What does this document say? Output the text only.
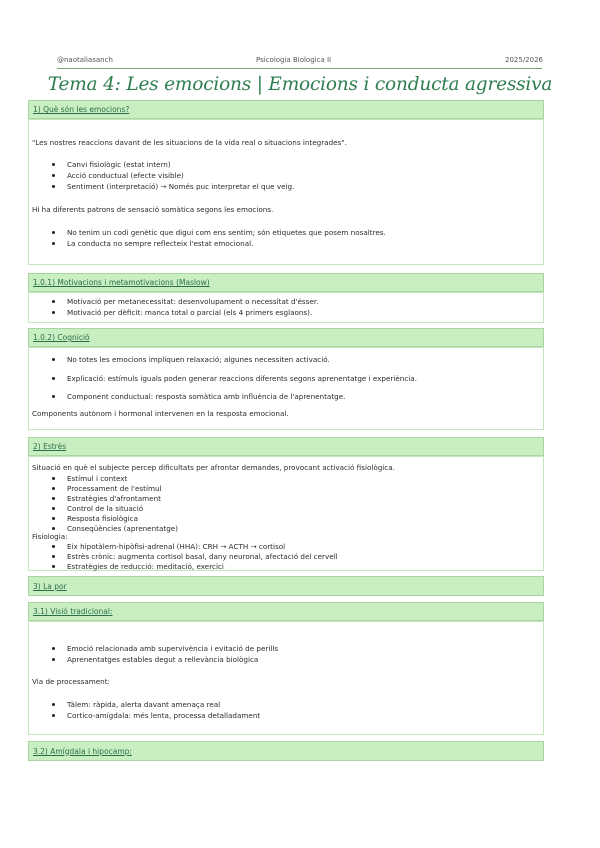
@naotaliasanch	Psicologia Biologica II	2025/2026
Tema 4: Les emocions | Emocions i conducta agressiva
1) Què són les emocions?
"Les nostres reaccions davant de les situacions de la vida real o situacions integrades".
Canvi fisiològic (estat intern)
Acció conductual (efecte visible)
Sentiment (interpretació) → Només puc interpretar el que veig.
Hi ha diferents patrons de sensació somàtica segons les emocions.
No tenim un codi genètic que digui com ens sentim; són etiquetes que posem nosaltres.
La conducta no sempre reflecteix l'estat emocional.
1.0.1) Motivacions i metamotivacions (Maslow)
Motivació per metanecessitat: desenvolupament o necessitat d'ésser.
Motivació per dèficit: manca total o parcial (els 4 primers esglaons).
1.0.2) Cognició
No totes les emocions impliquen relaxació; algunes necessiten activació.
Explicació: estímuls iguals poden generar reaccions diferents segons aprenentatge i experiència.
Component conductual: resposta somàtica amb influència de l'aprenentatge.
Components autònom i hormonal intervenen en la resposta emocional.
2) Estrès
Situació en què el subjecte percep dificultats per afrontar demandes, provocant activació fisiològica.
Estímul i context
Processament de l'estímul
Estratègies d'afrontament
Control de la situació
Resposta fisiològica
Conseqüències (aprenentatge)
Fisiologia:
Eix hipotàlem-hipòfisi-adrenal (HHA): CRH → ACTH → cortisol
Estrès crònic: augmenta cortisol basal, dany neuronal, afectació del cervell
Estratègies de reducció: meditació, exercici
3) La por
3.1) Visió tradicional:
Emoció relacionada amb supervivència i evitació de perills
Aprenentatges estables degut a rellevància biològica
Via de processament:
Tàlem: ràpida, alerta davant amenaça real
Cortico-amígdala: més lenta, processa detalladament
3.2) Amígdala i hipocamp:
